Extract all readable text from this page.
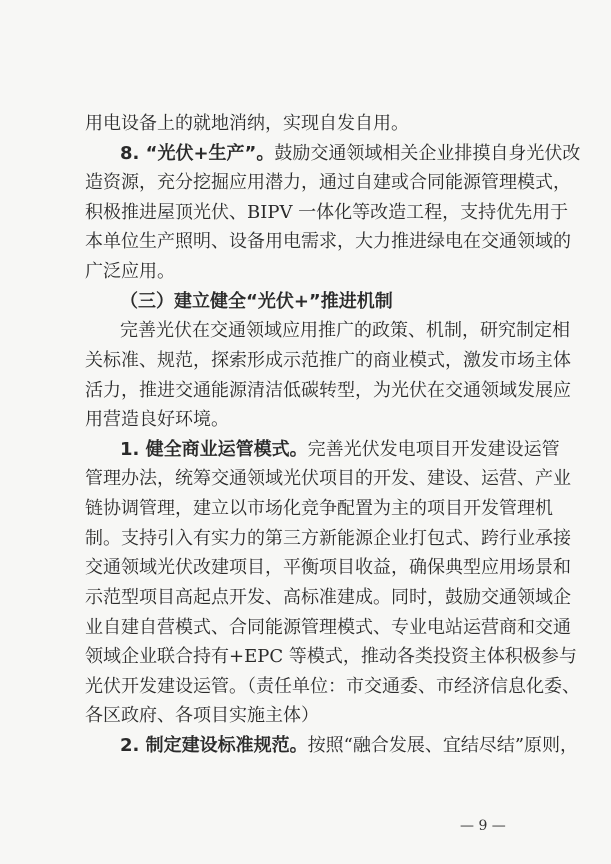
用电设备上的就地消纳，实现自发自用。
8. “光伏+生产”。鼓励交通领域相关企业排摸自身光伏改
造资源，充分挖掘应用潜力，通过自建或合同能源管理模式，
积极推进屋顶光伏、BIPV 一体化等改造工程，支持优先用于
本单位生产照明、设备用电需求，大力推进绿电在交通领域的
广泛应用。
（三）建立健全“光伏+”推进机制
完善光伏在交通领域应用推广的政策、机制，研究制定相
关标准、规范，探索形成示范推广的商业模式，激发市场主体
活力，推进交通能源清洁低碳转型，为光伏在交通领域发展应
用营造良好环境。
1. 健全商业运管模式。完善光伏发电项目开发建设运管
管理办法，统筹交通领域光伏项目的开发、建设、运营、产业
链协调管理，建立以市场化竞争配置为主的项目开发管理机
制。支持引入有实力的第三方新能源企业打包式、跨行业承接
交通领域光伏改建项目，平衡项目收益，确保典型应用场景和
示范型项目高起点开发、高标准建成。同时，鼓励交通领域企
业自建自营模式、合同能源管理模式、专业电站运营商和交通
领域企业联合持有+EPC 等模式，推动各类投资主体积极参与
光伏开发建设运管。（责任单位：市交通委、市经济信息化委、
各区政府、各项目实施主体）
2. 制定建设标准规范。按照“融合发展、宜结尽结”原则，
— 9 —
